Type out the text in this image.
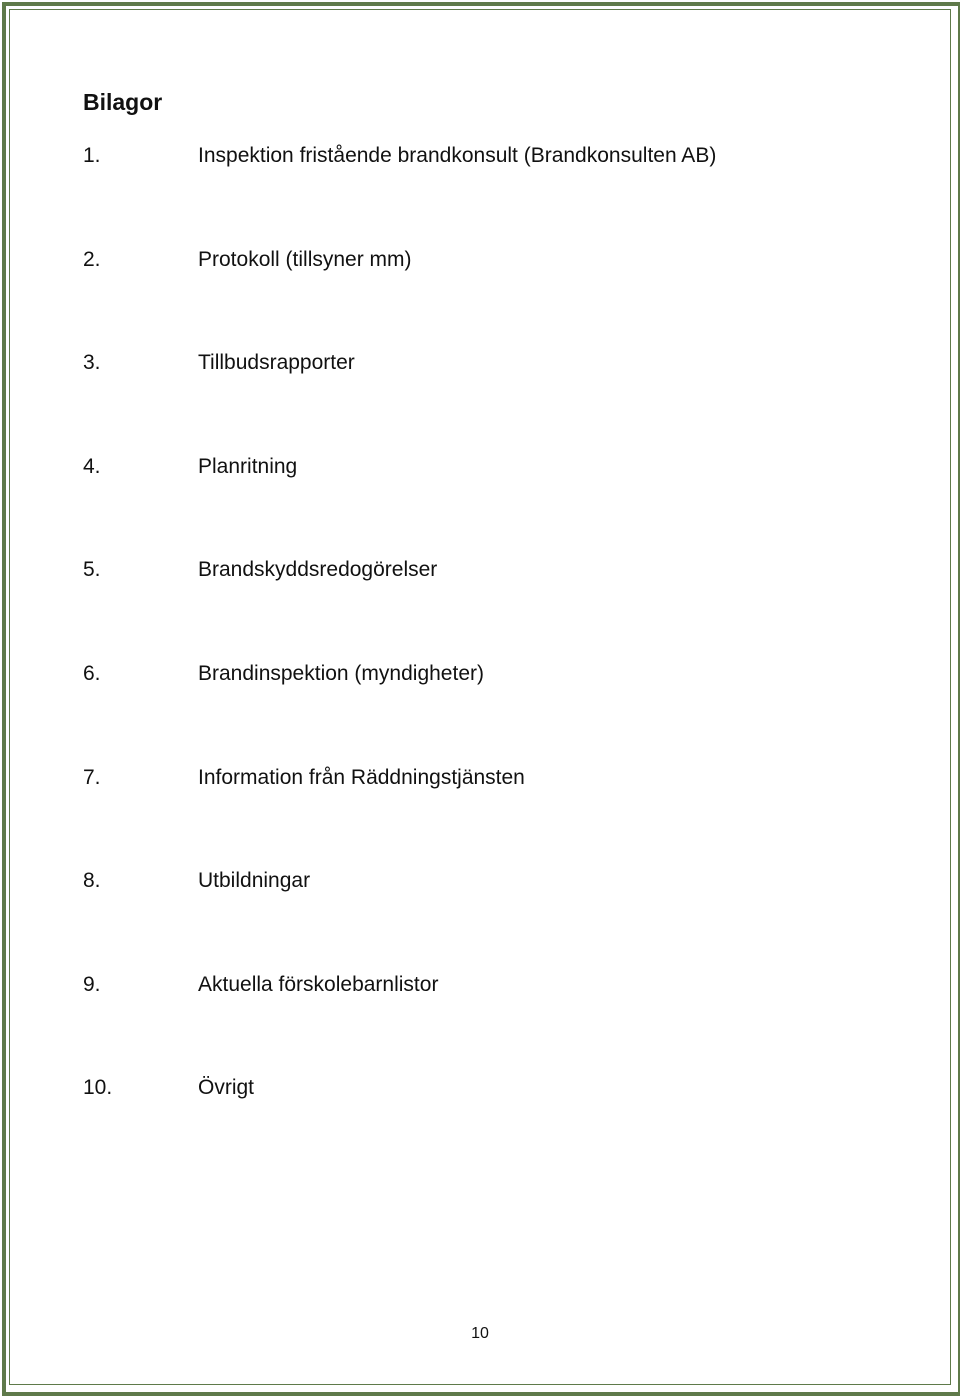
Bilagor
1.	Inspektion fristående brandkonsult (Brandkonsulten AB)
2.	Protokoll (tillsyner mm)
3.	Tillbudsrapporter
4.	Planritning
5.	Brandskyddsredogörelser
6.	Brandinspektion (myndigheter)
7.	Information från Räddningstjänsten
8.	Utbildningar
9.	Aktuella förskolebarnlistor
10.	Övrigt
10
